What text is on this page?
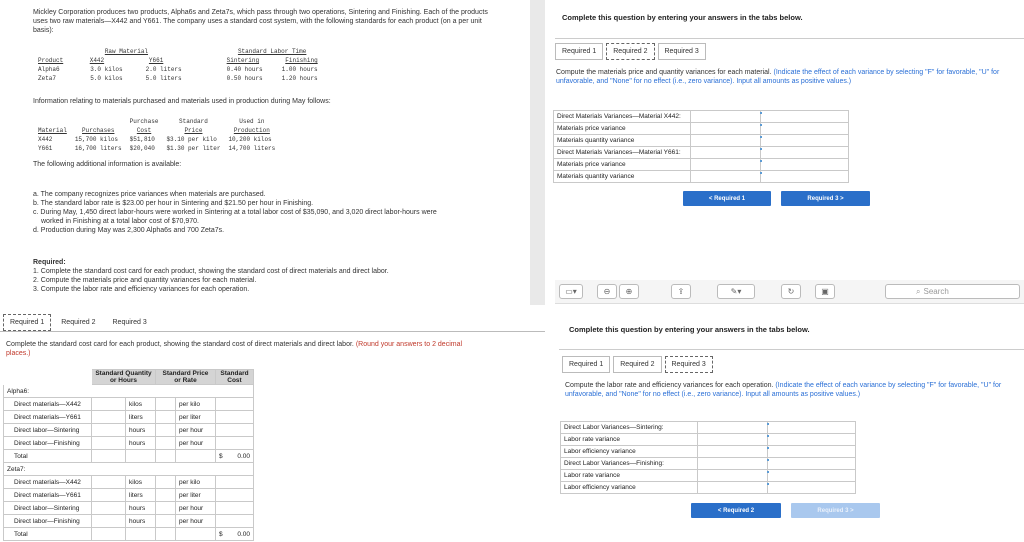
Mickley Corporation produces two products, Alpha6s and Zeta7s, which pass through two operations, Sintering and Finishing. Each of the products uses two raw materials—X442 and Y661. The company uses a standard cost system, with the following standards for each product (on a per unit basis):

	Raw Material		Standard Labor Time	
Product	X442	Y661	Sintering	Finishing
Alpha6	3.0 kilos	2.0 liters	0.40 hours	1.00 hours
Zeta7	5.0 kilos	5.0 liters	0.50 hours	1.20 hours

Information relating to materials purchased and materials used in production during May follows:

		Purchase	Standard	Used in
Material	Purchases	Cost	Price	Production
X442	15,700 kilos	$51,810	$3.10 per kilo	10,200 kilos
Y661	16,700 liters	$20,040	$1.30 per liter	14,700 liters

The following additional information is available:

a. The company recognizes price variances when materials are purchased.

b. The standard labor rate is $23.00 per hour in Sintering and $21.50 per hour in Finishing.

c. During May, 1,450 direct labor-hours were worked in Sintering at a total labor cost of $35,090, and 3,020 direct labor-hours were

worked in Finishing at a total labor cost of $70,970.

d. Production during May was 2,300 Alpha6s and 700 Zeta7s.

Required:

1. Complete the standard cost card for each product, showing the standard cost of direct materials and direct labor.

2. Compute the materials price and quantity variances for each material.

3. Compute the labor rate and efficiency variances for each operation.

Required 1	Required 2	Required 3

Complete the standard cost card for each product, showing the standard cost of direct materials and direct labor. (Round your answers to 2 decimal places.)

	Standard Quantity or Hours		Standard Price or Rate		Standard Cost
Alpha6:					
Direct materials—X442		kilos		per kilo	
Direct materials—Y661		liters		per liter	
Direct labor—Sintering		hours		per hour	
Direct labor—Finishing		hours		per hour	
Total					$ 0.00
Zeta7:					
Direct materials—X442		kilos		per kilo	
Direct materials—Y661		liters		per liter	
Direct labor—Sintering		hours		per hour	
Direct labor—Finishing		hours		per hour	
Total					$ 0.00

Complete this question by entering your answers in the tabs below.

Required 1	Required 2	Required 3

Compute the materials price and quantity variances for each material. (Indicate the effect of each variance by selecting "F" for favorable, "U" for unfavorable, and "None" for no effect (i.e., zero variance). Input all amounts as positive values.)

Direct Materials Variances—Material X442:		
Materials price variance		
Materials quantity variance		
Direct Materials Variances—Material Y661:		
Materials price variance		
Materials quantity variance		
< Required 1	Required 3 >
▭▾	⊖	⊕	⇪	✎▾	↻	▣	⌕ Search

Complete this question by entering your answers in the tabs below.

Required 1	Required 2	Required 3

Compute the labor rate and efficiency variances for each operation. (Indicate the effect of each variance by selecting "F" for favorable, "U" for unfavorable, and "None" for no effect (i.e., zero variance). Input all amounts as positive values.)

Direct Labor Variances—Sintering:		
Labor rate variance		
Labor efficiency variance		
Direct Labor Variances—Finishing:		
Labor rate variance		
Labor efficiency variance		
< Required 2	Required 3 >
